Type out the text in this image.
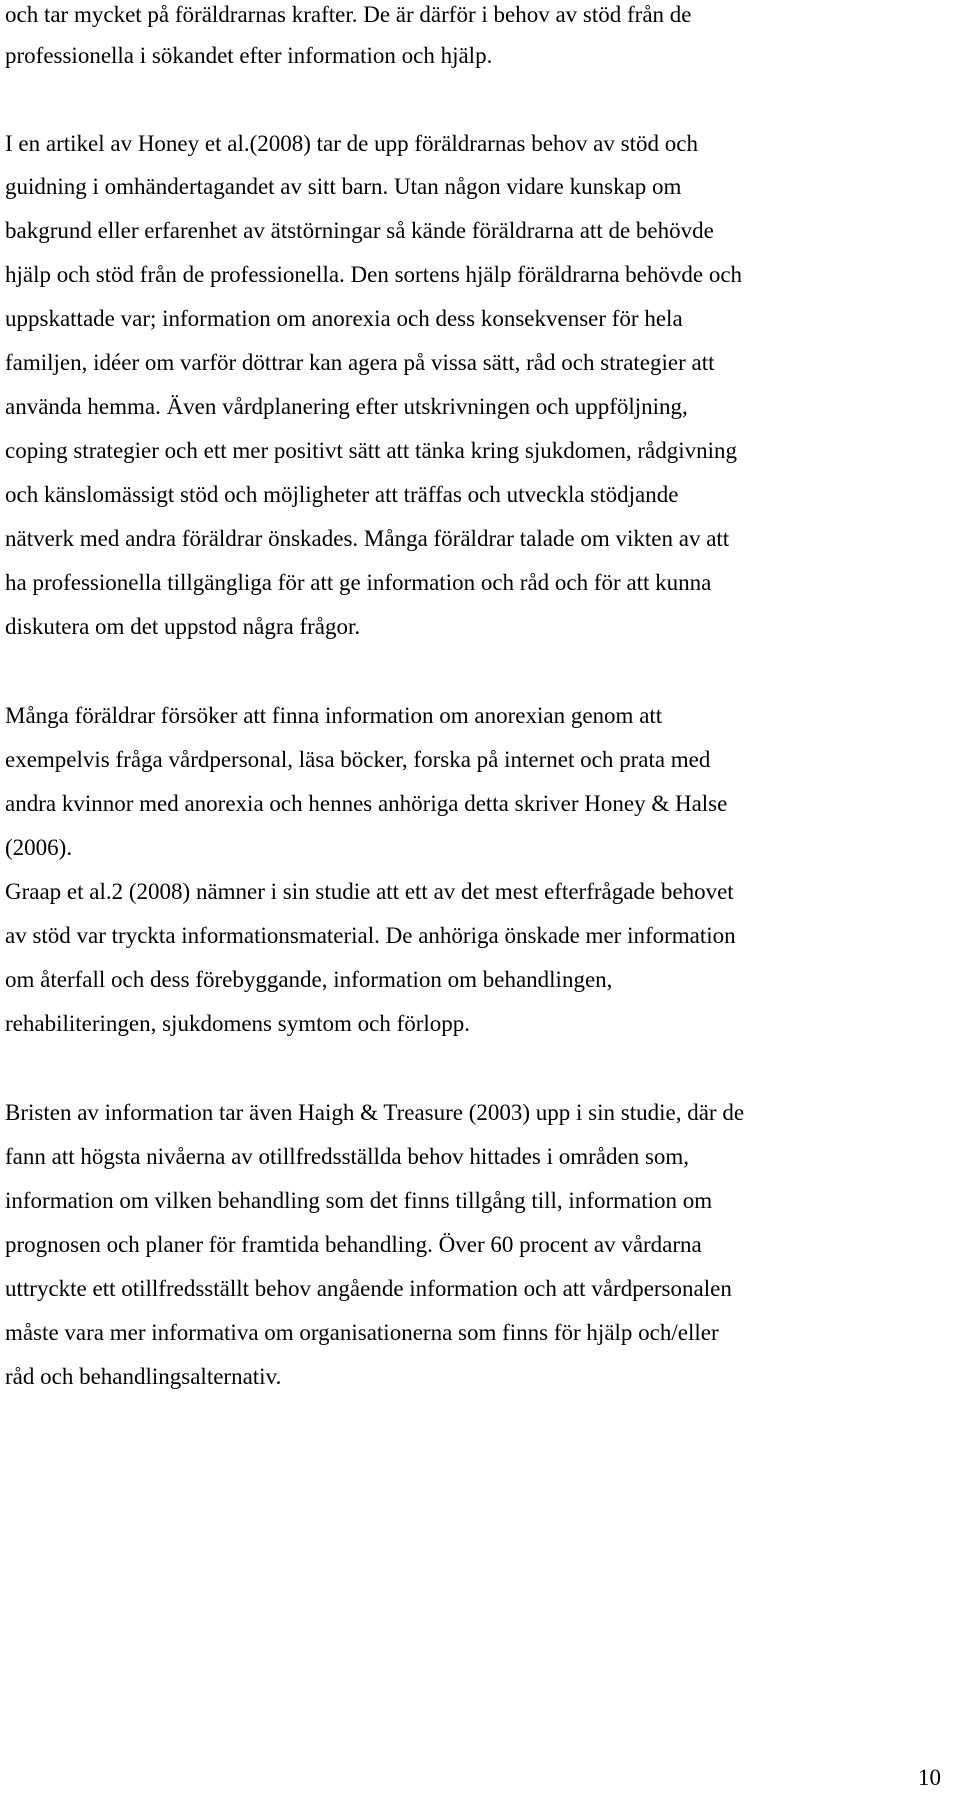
och tar mycket på föräldrarnas krafter. De är därför i behov av stöd från de

professionella i sökandet efter information och hjälp.

I en artikel av Honey et al.(2008) tar de upp föräldrarnas behov av stöd och

guidning i omhändertagandet av sitt barn. Utan någon vidare kunskap om

bakgrund eller erfarenhet av ätstörningar så kände föräldrarna att de behövde

hjälp och stöd från de professionella. Den sortens hjälp föräldrarna behövde och

uppskattade var; information om anorexia och dess konsekvenser för hela

familjen, idéer om varför döttrar kan agera på vissa sätt, råd och strategier att

använda hemma. Även vårdplanering efter utskrivningen och uppföljning,

coping strategier och ett mer positivt sätt att tänka kring sjukdomen, rådgivning

och känslomässigt stöd och möjligheter att träffas och utveckla stödjande

nätverk med andra föräldrar önskades. Många föräldrar talade om vikten av att

ha professionella tillgängliga för att ge information och råd och för att kunna

diskutera om det uppstod några frågor.

Många föräldrar försöker att finna information om anorexian genom att

exempelvis fråga vårdpersonal, läsa böcker, forska på internet och prata med

andra kvinnor med anorexia och hennes anhöriga detta skriver Honey & Halse

(2006).

Graap et al.2 (2008) nämner i sin studie att ett av det mest efterfrågade behovet

av stöd var tryckta informationsmaterial. De anhöriga önskade mer information

om återfall och dess förebyggande, information om behandlingen,

rehabiliteringen, sjukdomens symtom och förlopp.

Bristen av information tar även Haigh & Treasure (2003) upp i sin studie, där de

fann att högsta nivåerna av otillfredsställda behov hittades i områden som,

information om vilken behandling som det finns tillgång till, information om

prognosen och planer för framtida behandling. Över 60 procent av vårdarna

uttryckte ett otillfredsställt behov angående information och att vårdpersonalen

måste vara mer informativa om organisationerna som finns för hjälp och/eller

råd och behandlingsalternativ.

10
